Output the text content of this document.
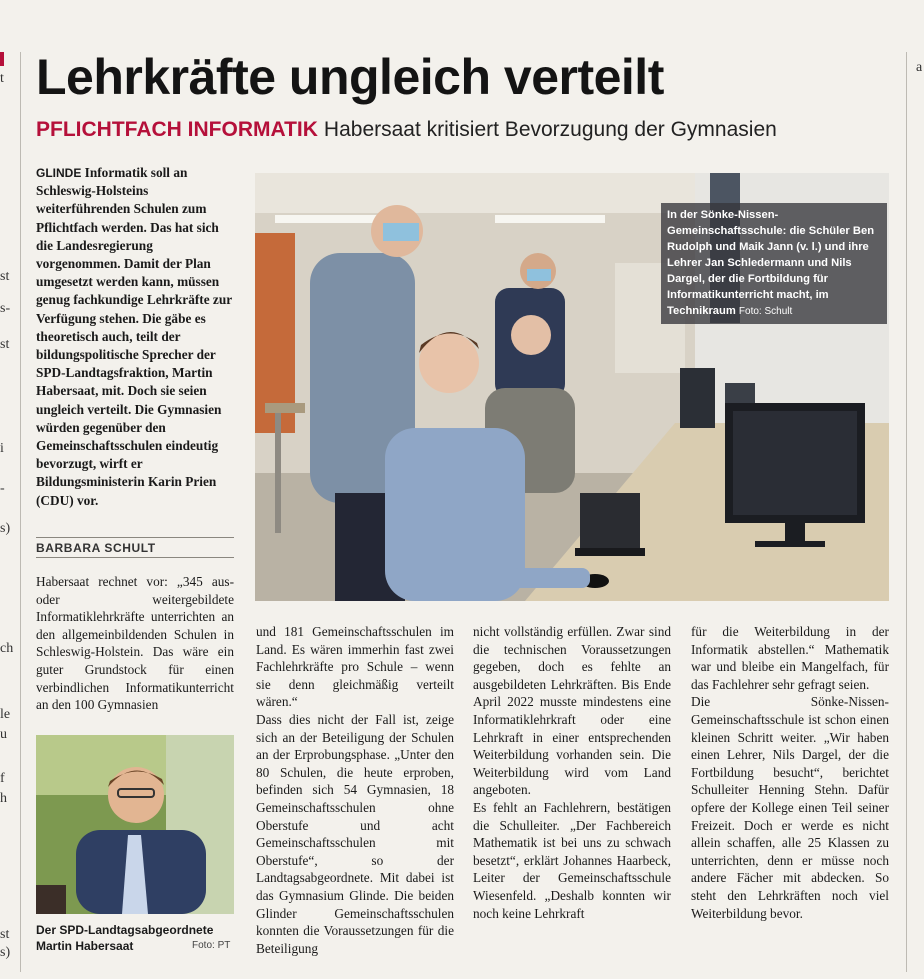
t
st
s-
st
i
-
s)
ch
le
u
f
h
st
s)
a
Lehrkräfte ungleich verteilt
PFLICHTFACH INFORMATIK Habersaat kritisiert Bevorzugung der Gymnasien
GLINDE Informatik soll an Schleswig-Holsteins weiterführenden Schulen zum Pflichtfach werden. Das hat sich die Landesregierung vorgenommen. Damit der Plan umgesetzt werden kann, müssen genug fachkundige Lehrkräfte zur Verfügung stehen. Die gäbe es theoretisch auch, teilt der bildungspolitische Sprecher der SPD-Landtagsfraktion, Martin Habersaat, mit. Doch sie seien ungleich verteilt. Die Gymnasien würden gegenüber den Gemeinschaftsschulen eindeutig bevorzugt, wirft er Bildungsministerin Karin Prien (CDU) vor.
BARBARA SCHULT

Habersaat rechnet vor: „345 aus- oder weitergebildete Informatiklehrkräfte unterrichten an den allgemeinbildenden Schulen in Schleswig-Holstein. Das wäre ein guter Grundstock für einen verbindlichen Informatikunterricht an den 100 Gymnasien

und 181 Gemeinschaftsschulen im Land. Es wären immerhin fast zwei Fachlehrkräfte pro Schule – wenn sie denn gleichmäßig verteilt wären.“

Dass dies nicht der Fall ist, zeige sich an der Beteiligung der Schulen an der Erprobungsphase. „Unter den 80 Schulen, die heute erproben, befinden sich 54 Gymnasien, 18 Gemeinschaftsschulen ohne Oberstufe und acht Gemeinschaftsschulen mit Oberstufe“, so der Landtagsabgeordnete. Mit dabei ist das Gymnasium Glinde. Die beiden Glinder Gemeinschaftsschulen konnten die Voraussetzungen für die Beteiligung

nicht vollständig erfüllen. Zwar sind die technischen Voraussetzungen gegeben, doch es fehlte an ausgebildeten Lehrkräften. Bis Ende April 2022 musste mindestens eine Informatiklehrkraft oder eine Lehrkraft in einer entsprechenden Weiterbildung vorhanden sein. Die Weiterbildung wird vom Land angeboten.

Es fehlt an Fachlehrern, bestätigen die Schulleiter. „Der Fachbereich Mathematik ist bei uns zu schwach besetzt“, erklärt Johannes Haarbeck, Leiter der Gemeinschaftsschule Wiesenfeld. „Deshalb konnten wir noch keine Lehrkraft

für die Weiterbildung in der Informatik abstellen.“ Mathematik war und bleibe ein Mangelfach, für das Fachlehrer sehr gefragt seien.

Die Sönke-Nissen-Gemeinschaftsschule ist schon einen kleinen Schritt weiter. „Wir haben einen Lehrer, Nils Dargel, der die Fortbildung besucht“, berichtet Schulleiter Henning Stehn. Dafür opfere der Kollege einen Teil seiner Freizeit. Doch er werde es nicht allein schaffen, alle 25 Klassen zu unterrichten, denn er müsse noch andere Fächer mit abdecken. So steht den Lehrkräften noch viel Weiterbildung bevor.

In der Sönke-Nissen-Gemeinschaftsschule: die Schüler Ben Rudolph und Maik Jann (v. l.) und ihre Lehrer Jan Schledermann und Nils Dargel, der die Fortbildung für Informatikunterricht macht, im Technikraum Foto: Schult
Der SPD-Landtagsabgeordnete Martin Habersaat	Foto: PT
